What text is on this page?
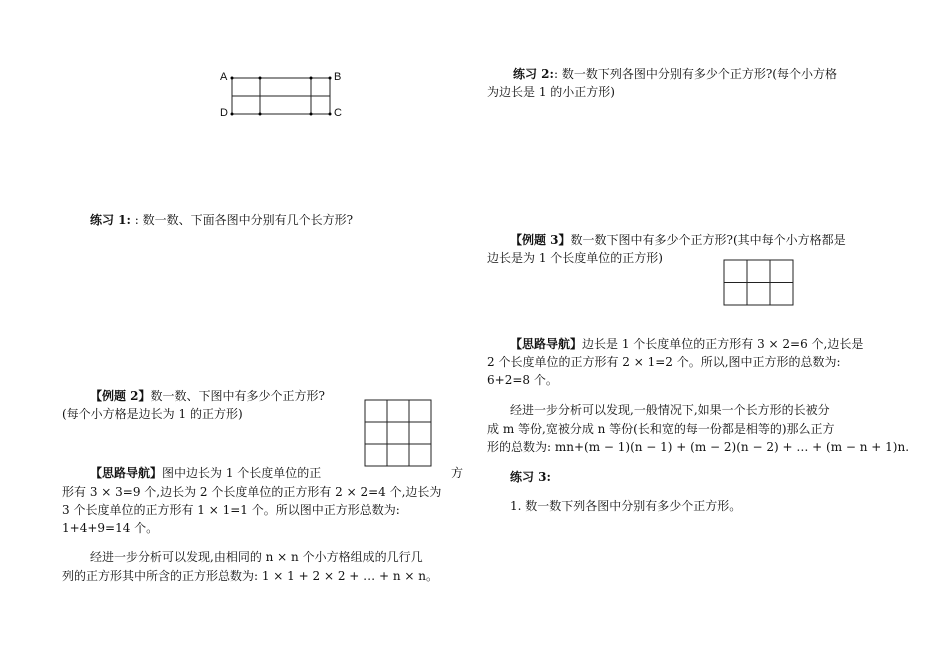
A	B
D	C
练习 1: : 数一数、下面各图中分别有几个长方形?
【例题 2】数一数、下图中有多少个正方形?
(每个小方格是边长为 1 的正方形)
【思路导航】图中边长为 1 个长度单位的正	方
形有 3 × 3=9 个,边长为 2 个长度单位的正方形有 2 × 2=4 个,边长为
3 个长度单位的正方形有 1 × 1=1 个。所以图中正方形总数为:
1+4+9=14 个。
经进一步分析可以发现,由相同的 n × n 个小方格组成的几行几
列的正方形其中所含的正方形总数为: 1 × 1 + 2 × 2 + … + n × n。
练习 2:: 数一数下列各图中分别有多少个正方形?(每个小方格
为边长是 1 的小正方形)
【例题 3】数一数下图中有多少个正方形?(其中每个小方格都是
边长是为 1 个长度单位的正方形)
【思路导航】边长是 1 个长度单位的正方形有 3 × 2=6 个,边长是
2 个长度单位的正方形有 2 × 1=2 个。所以,图中正方形的总数为:
6+2=8 个。
经进一步分析可以发现,一般情况下,如果一个长方形的长被分
成 m 等份,宽被分成 n 等份(长和宽的每一份都是相等的)那么正方
形的总数为: mn+(m − 1)(n − 1) + (m − 2)(n − 2) + … + (m − n + 1)n.
练习 3:
1. 数一数下列各图中分别有多少个正方形。
